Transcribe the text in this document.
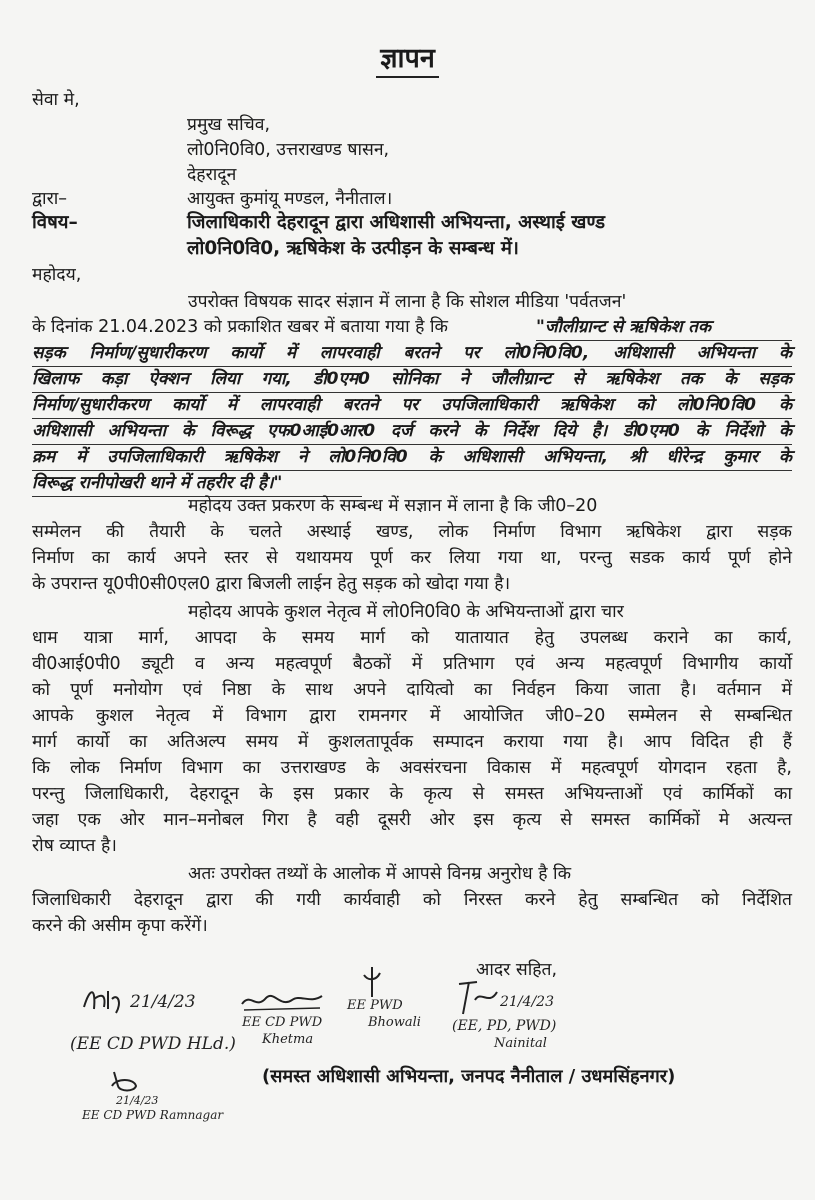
ज्ञापन
सेवा मे,
प्रमुख सचिव,
लो0नि0वि0, उत्तराखण्ड षासन,
देहरादून
द्वारा–	आयुक्त कुमांयू मण्डल, नैनीताल।
विषय–	जिलाधिकारी देहरादून द्वारा अधिशासी अभियन्ता, अस्थाई खण्ड
लो0नि0वि0, ऋषिकेश के उत्पीड़न के सम्बन्ध में।
महोदय,
उपरोक्त विषयक सादर संज्ञान में लाना है कि सोशल मीडिया 'पर्वतजन'
के दिनांक 21.04.2023 को प्रकाशित खबर में बताया गया है कि	"जौलीग्रान्ट से ऋषिकेश तक
सड़क निर्माण/सुधारीकरण कार्यो में लापरवाही बरतने पर लो0नि0वि0, अधिशासी अभियन्ता के
खिलाफ कड़ा ऐक्शन लिया गया, डी0एम0 सोनिका ने जौलीग्रान्ट से ऋषिकेश तक के सड़क
निर्माण/सुधारीकरण कार्यो में लापरवाही बरतने पर उपजिलाधिकारी ऋषिकेश को लो0नि0वि0 के
अधिशासी अभियन्ता के विरूद्ध एफ0आई0आर0 दर्ज करने के निर्देश दिये है। डी0एम0 के निर्देशो के
क्रम में उपजिलाधिकारी ऋषिकेश ने लो0नि0वि0 के अधिशासी अभियन्ता, श्री धीरेन्द्र कुमार के
विरूद्ध रानीपोखरी थाने में तहरीर दी है।"
महोदय उक्त प्रकरण के सम्बन्ध में सज्ञान में लाना है कि जी0–20
सम्मेलन की तैयारी के चलते अस्थाई खण्ड, लोक निर्माण विभाग ऋषिकेश द्वारा सड़क
निर्माण का कार्य अपने स्तर से यथायमय पूर्ण कर लिया गया था, परन्तु सडक कार्य पूर्ण होने
के उपरान्त यू0पी0सी0एल0 द्वारा बिजली लाईन हेतु सड़क को खोदा गया है।
महोदय आपके कुशल नेतृत्व में लो0नि0वि0 के अभियन्ताओं द्वारा चार
धाम यात्रा मार्ग, आपदा के समय मार्ग को यातायात हेतु उपलब्ध कराने का कार्य,
वी0आई0पी0 ड्यूटी व अन्य महत्वपूर्ण बैठकों में प्रतिभाग एवं अन्य महत्वपूर्ण विभागीय कार्यो
को पूर्ण मनोयोग एवं निष्ठा के साथ अपने दायित्वो का निर्वहन किया जाता है। वर्तमान में
आपके कुशल नेतृत्व में विभाग द्वारा रामनगर में आयोजित जी0–20 सम्मेलन से सम्बन्धित
मार्ग कार्यो का अतिअल्प समय में कुशलतापूर्वक सम्पादन कराया गया है। आप विदित ही हैं
कि लोक निर्माण विभाग का उत्तराखण्ड के अवसंरचना विकास में महत्वपूर्ण योगदान रहता है,
परन्तु जिलाधिकारी, देहरादून के इस प्रकार के कृत्य से समस्त अभियन्ताओं एवं कार्मिकों का
जहा एक ओर मान–मनोबल गिरा है वही दूसरी ओर इस कृत्य से समस्त कार्मिकों मे अत्यन्त
रोष व्याप्त है।
अतः उपरोक्त तथ्यों के आलोक में आपसे विनम्र अनुरोध है कि
जिलाधिकारी देहरादून द्वारा की गयी कार्यवाही को निरस्त करने हेतु सम्बन्धित को निर्देशित
करने की असीम कृपा करेंगें।
आदर सहित,
21/4/23
(EE CD PWD HLd.)
EE CD PWD
Khetma
EE PWD
Bhowali
21/4/23
(EE, PD, PWD)
Nainital
(समस्त अधिशासी अभियन्ता, जनपद नैनीताल / उधमसिंहनगर)
21/4/23
EE CD PWD Ramnagar
